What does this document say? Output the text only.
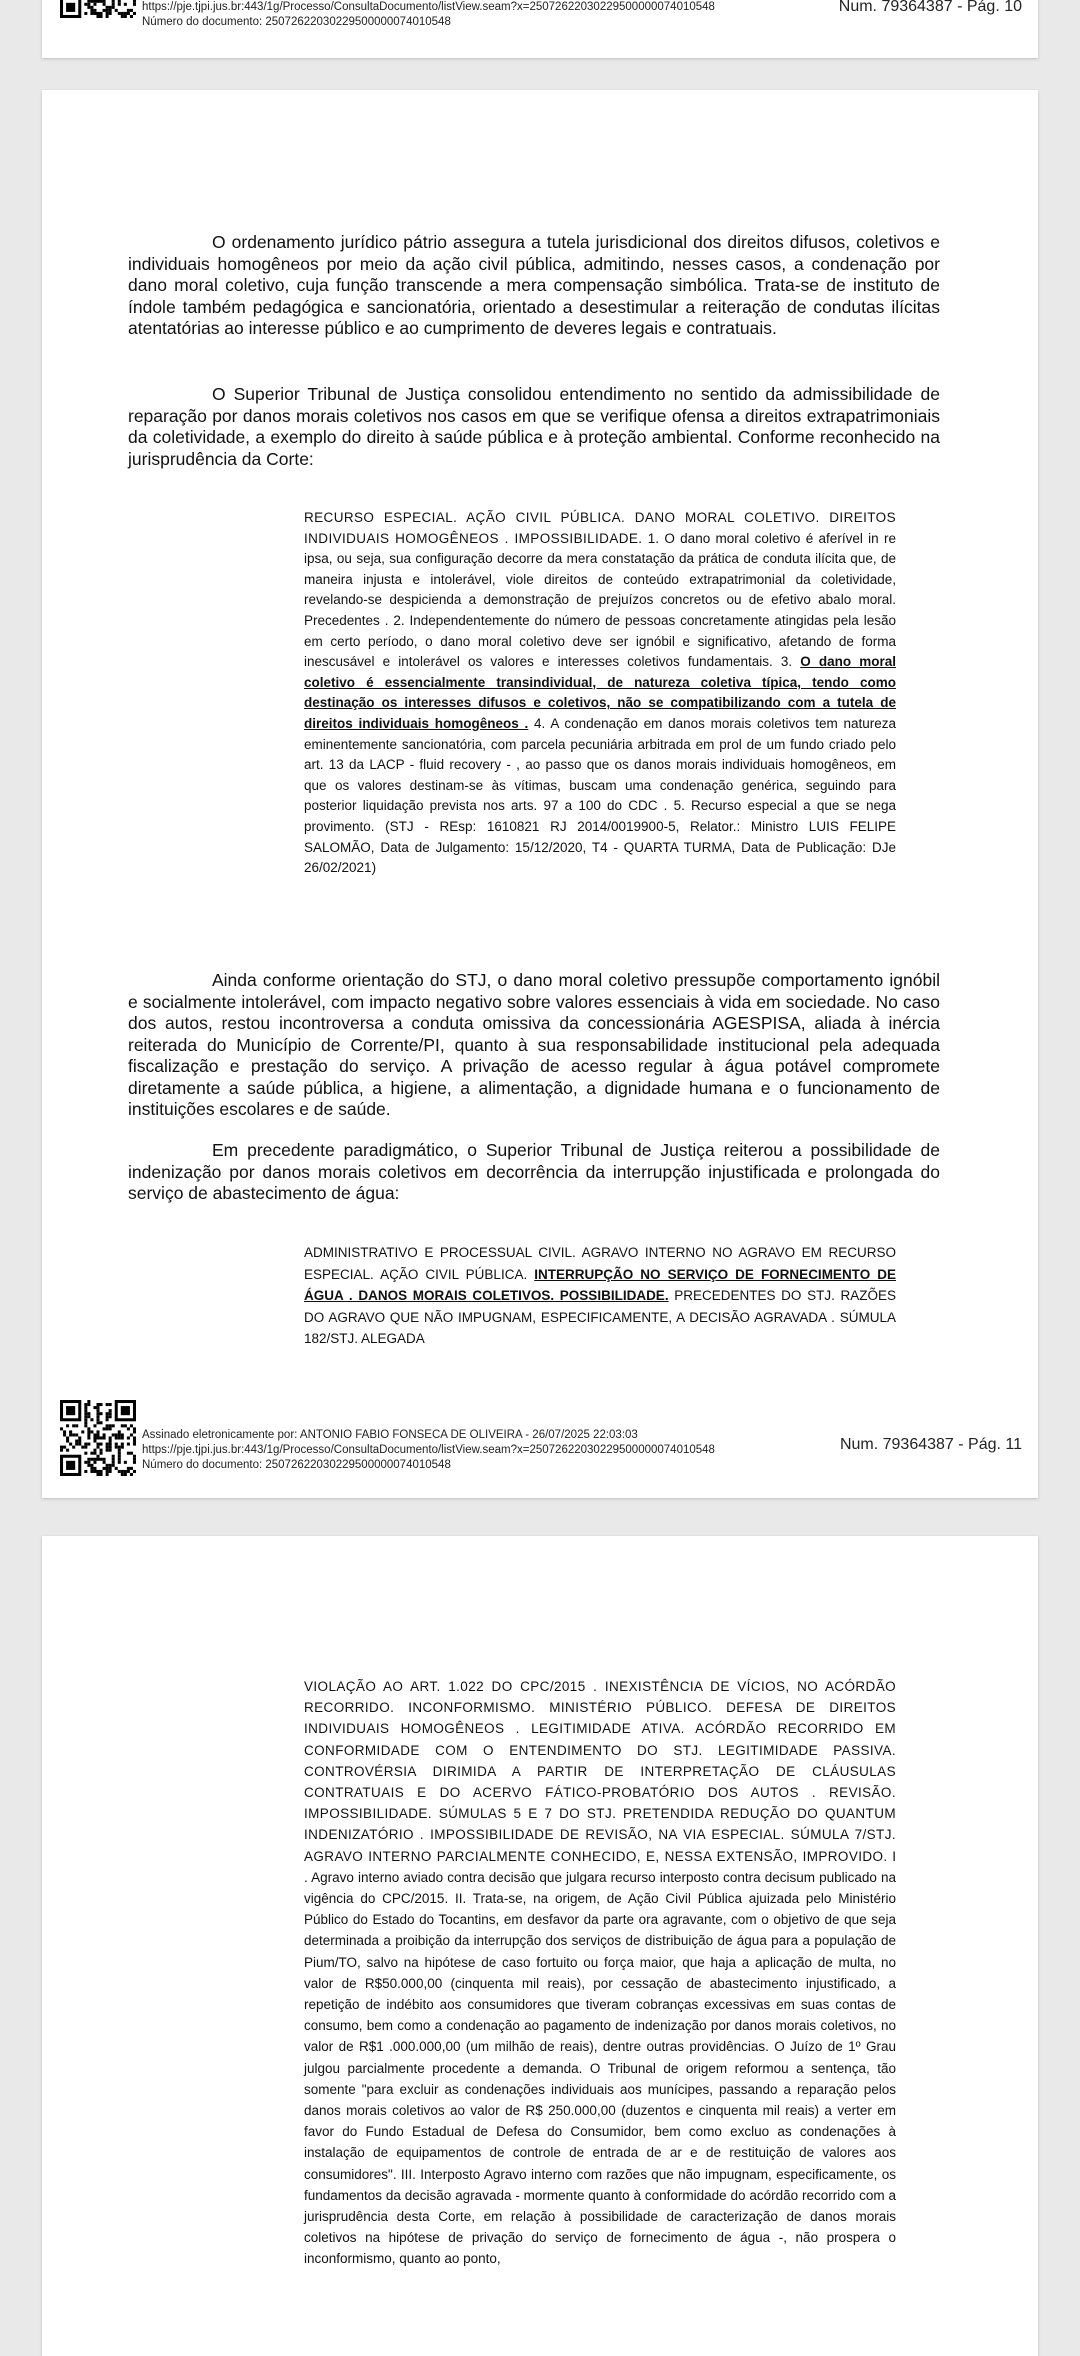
https://pje.tjpi.jus.br:443/1g/Processo/ConsultaDocumento/listView.seam?x=25072622030229500000074010548
Número do documento: 25072622030229500000074010548
Num. 79364387 - Pág. 10

O ordenamento jurídico pátrio assegura a tutela jurisdicional dos direitos difusos, coletivos e individuais homogêneos por meio da ação civil pública, admitindo, nesses casos, a condenação por dano moral coletivo, cuja função transcende a mera compensação simbólica. Trata-se de instituto de índole também pedagógica e sancionatória, orientado a desestimular a reiteração de condutas ilícitas atentatórias ao interesse público e ao cumprimento de deveres legais e contratuais.

O Superior Tribunal de Justiça consolidou entendimento no sentido da admissibilidade de reparação por danos morais coletivos nos casos em que se verifique ofensa a direitos extrapatrimoniais da coletividade, a exemplo do direito à saúde pública e à proteção ambiental. Conforme reconhecido na jurisprudência da Corte:

RECURSO ESPECIAL. AÇÃO CIVIL PÚBLICA. DANO MORAL COLETIVO. DIREITOS INDIVIDUAIS HOMOGÊNEOS . IMPOSSIBILIDADE. 1. O dano moral coletivo é aferível in re ipsa, ou seja, sua configuração decorre da mera constatação da prática de conduta ilícita que, de maneira injusta e intolerável, viole direitos de conteúdo extrapatrimonial da coletividade, revelando-se despicienda a demonstração de prejuízos concretos ou de efetivo abalo moral. Precedentes . 2. Independentemente do número de pessoas concretamente atingidas pela lesão em certo período, o dano moral coletivo deve ser ignóbil e significativo, afetando de forma inescusável e intolerável os valores e interesses coletivos fundamentais. 3. O dano moral coletivo é essencialmente transindividual, de natureza coletiva típica, tendo como destinação os interesses difusos e coletivos, não se compatibilizando com a tutela de direitos individuais homogêneos . 4. A condenação em danos morais coletivos tem natureza eminentemente sancionatória, com parcela pecuniária arbitrada em prol de um fundo criado pelo art. 13 da LACP - fluid recovery - , ao passo que os danos morais individuais homogêneos, em que os valores destinam-se às vítimas, buscam uma condenação genérica, seguindo para posterior liquidação prevista nos arts. 97 a 100 do CDC . 5. Recurso especial a que se nega provimento. (STJ - REsp: 1610821 RJ 2014/0019900-5, Relator.: Ministro LUIS FELIPE SALOMÃO, Data de Julgamento: 15/12/2020, T4 - QUARTA TURMA, Data de Publicação: DJe 26/02/2021)

Ainda conforme orientação do STJ, o dano moral coletivo pressupõe comportamento ignóbil e socialmente intolerável, com impacto negativo sobre valores essenciais à vida em sociedade. No caso dos autos, restou incontroversa a conduta omissiva da concessionária AGESPISA, aliada à inércia reiterada do Município de Corrente/PI, quanto à sua responsabilidade institucional pela adequada fiscalização e prestação do serviço. A privação de acesso regular à água potável compromete diretamente a saúde pública, a higiene, a alimentação, a dignidade humana e o funcionamento de instituições escolares e de saúde.

Em precedente paradigmático, o Superior Tribunal de Justiça reiterou a possibilidade de indenização por danos morais coletivos em decorrência da interrupção injustificada e prolongada do serviço de abastecimento de água:

ADMINISTRATIVO E PROCESSUAL CIVIL. AGRAVO INTERNO NO AGRAVO EM RECURSO ESPECIAL. AÇÃO CIVIL PÚBLICA. INTERRUPÇÃO NO SERVIÇO DE FORNECIMENTO DE ÁGUA . DANOS MORAIS COLETIVOS. POSSIBILIDADE. PRECEDENTES DO STJ. RAZÕES DO AGRAVO QUE NÃO IMPUGNAM, ESPECIFICAMENTE, A DECISÃO AGRAVADA . SÚMULA 182/STJ. ALEGADA

Assinado eletronicamente por: ANTONIO FABIO FONSECA DE OLIVEIRA - 26/07/2025 22:03:03
https://pje.tjpi.jus.br:443/1g/Processo/ConsultaDocumento/listView.seam?x=25072622030229500000074010548
Número do documento: 25072622030229500000074010548
Num. 79364387 - Pág. 11

VIOLAÇÃO AO ART. 1.022 DO CPC/2015 . INEXISTÊNCIA DE VÍCIOS, NO ACÓRDÃO RECORRIDO. INCONFORMISMO. MINISTÉRIO PÚBLICO. DEFESA DE DIREITOS INDIVIDUAIS HOMOGÊNEOS . LEGITIMIDADE ATIVA. ACÓRDÃO RECORRIDO EM CONFORMIDADE COM O ENTENDIMENTO DO STJ. LEGITIMIDADE PASSIVA. CONTROVÉRSIA DIRIMIDA A PARTIR DE INTERPRETAÇÃO DE CLÁUSULAS CONTRATUAIS E DO ACERVO FÁTICO-PROBATÓRIO DOS AUTOS . REVISÃO. IMPOSSIBILIDADE. SÚMULAS 5 E 7 DO STJ. PRETENDIDA REDUÇÃO DO QUANTUM INDENIZATÓRIO . IMPOSSIBILIDADE DE REVISÃO, NA VIA ESPECIAL. SÚMULA 7/STJ. AGRAVO INTERNO PARCIALMENTE CONHECIDO, E, NESSA EXTENSÃO, IMPROVIDO. I . Agravo interno aviado contra decisão que julgara recurso interposto contra decisum publicado na vigência do CPC/2015. II. Trata-se, na origem, de Ação Civil Pública ajuizada pelo Ministério Público do Estado do Tocantins, em desfavor da parte ora agravante, com o objetivo de que seja determinada a proibição da interrupção dos serviços de distribuição de água para a população de Pium/TO, salvo na hipótese de caso fortuito ou força maior, que haja a aplicação de multa, no valor de R$50.000,00 (cinquenta mil reais), por cessação de abastecimento injustificado, a repetição de indébito aos consumidores que tiveram cobranças excessivas em suas contas de consumo, bem como a condenação ao pagamento de indenização por danos morais coletivos, no valor de R$1 .000.000,00 (um milhão de reais), dentre outras providências. O Juízo de 1º Grau julgou parcialmente procedente a demanda. O Tribunal de origem reformou a sentença, tão somente "para excluir as condenações individuais aos munícipes, passando a reparação pelos danos morais coletivos ao valor de R$ 250.000,00 (duzentos e cinquenta mil reais) a verter em favor do Fundo Estadual de Defesa do Consumidor, bem como excluo as condenações à instalação de equipamentos de controle de entrada de ar e de restituição de valores aos consumidores". III. Interposto Agravo interno com razões que não impugnam, especificamente, os fundamentos da decisão agravada - mormente quanto à conformidade do acórdão recorrido com a jurisprudência desta Corte, em relação à possibilidade de caracterização de danos morais coletivos na hipótese de privação do serviço de fornecimento de água -, não prospera o inconformismo, quanto ao ponto,
